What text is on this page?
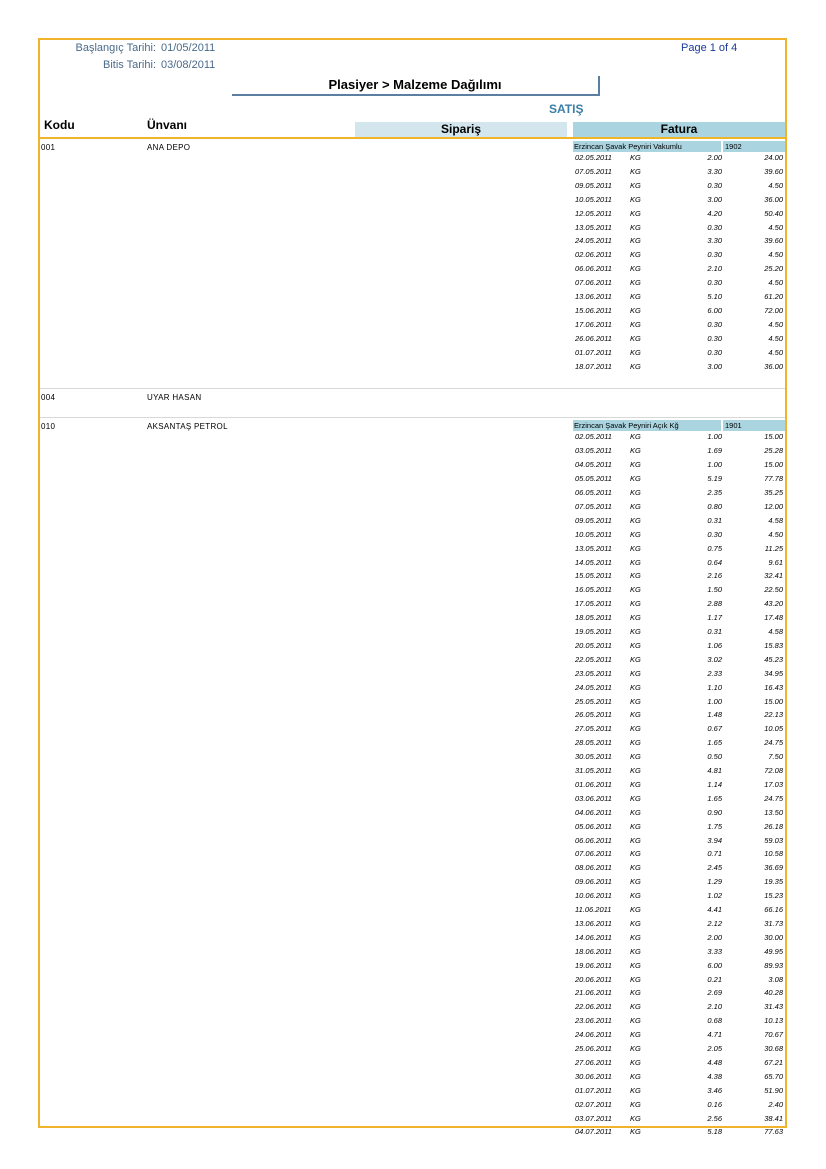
Başlangıç Tarihi: 01/05/2011
Bitis Tarihi: 03/08/2011
Page 1 of 4
Plasiyer > Malzeme Dağılımı
SATIŞ
Kodu	Ünvanı	Sipariş	Fatura
001	ANA DEPO	Erzincan Şavak Peyniri Vakumlu	1902
02.05.2011 KG	2.00	24.00
07.05.2011 KG	3.30	39.60
09.05.2011 KG	0.30	4.50
10.05.2011 KG	3.00	36.00
12.05.2011 KG	4.20	50.40
13.05.2011 KG	0.30	4.50
24.05.2011 KG	3.30	39.60
02.06.2011 KG	0.30	4.50
06.06.2011 KG	2.10	25.20
07.06.2011 KG	0.30	4.50
13.06.2011 KG	5.10	61.20
15.06.2011 KG	6.00	72.00
17.06.2011 KG	0.30	4.50
26.06.2011 KG	0.30	4.50
01.07.2011 KG	0.30	4.50
18.07.2011 KG	3.00	36.00
004	UYAR HASAN
010	AKSANTAŞ PETROL	Erzincan Şavak Peyniri Açık Kğ	1901
02.05.2011 KG	1.00	15.00
03.05.2011 KG	1.69	25.28
04.05.2011 KG	1.00	15.00
05.05.2011 KG	5.19	77.78
06.05.2011 KG	2.35	35.25
07.05.2011 KG	0.80	12.00
09.05.2011 KG	0.31	4.58
10.05.2011 KG	0.30	4.50
13.05.2011 KG	0.75	11.25
14.05.2011 KG	0.64	9.61
15.05.2011 KG	2.16	32.41
16.05.2011 KG	1.50	22.50
17.05.2011 KG	2.88	43.20
18.05.2011 KG	1.17	17.48
19.05.2011 KG	0.31	4.58
20.05.2011 KG	1.06	15.83
22.05.2011 KG	3.02	45.23
23.05.2011 KG	2.33	34.95
24.05.2011 KG	1.10	16.43
25.05.2011 KG	1.00	15.00
26.05.2011 KG	1.48	22.13
27.05.2011 KG	0.67	10.05
28.05.2011 KG	1.65	24.75
30.05.2011 KG	0.50	7.50
31.05.2011 KG	4.81	72.08
01.06.2011 KG	1.14	17.03
03.06.2011 KG	1.65	24.75
04.06.2011 KG	0.90	13.50
05.06.2011 KG	1.75	26.18
06.06.2011 KG	3.94	59.03
07.06.2011 KG	0.71	10.58
08.06.2011 KG	2.45	36.69
09.06.2011 KG	1.29	19.35
10.06.2011 KG	1.02	15.23
11.06.2011 KG	4.41	66.16
13.06.2011 KG	2.12	31.73
14.06.2011 KG	2.00	30.00
18.06.2011 KG	3.33	49.95
19.06.2011 KG	6.00	89.93
20.06.2011 KG	0.21	3.08
21.06.2011 KG	2.69	40.28
22.06.2011 KG	2.10	31.43
23.06.2011 KG	0.68	10.13
24.06.2011 KG	4.71	70.67
25.06.2011 KG	2.05	30.68
27.06.2011 KG	4.48	67.21
30.06.2011 KG	4.38	65.70
01.07.2011 KG	3.46	51.90
02.07.2011 KG	0.16	2.40
03.07.2011 KG	2.56	38.41
04.07.2011 KG	5.18	77.63
